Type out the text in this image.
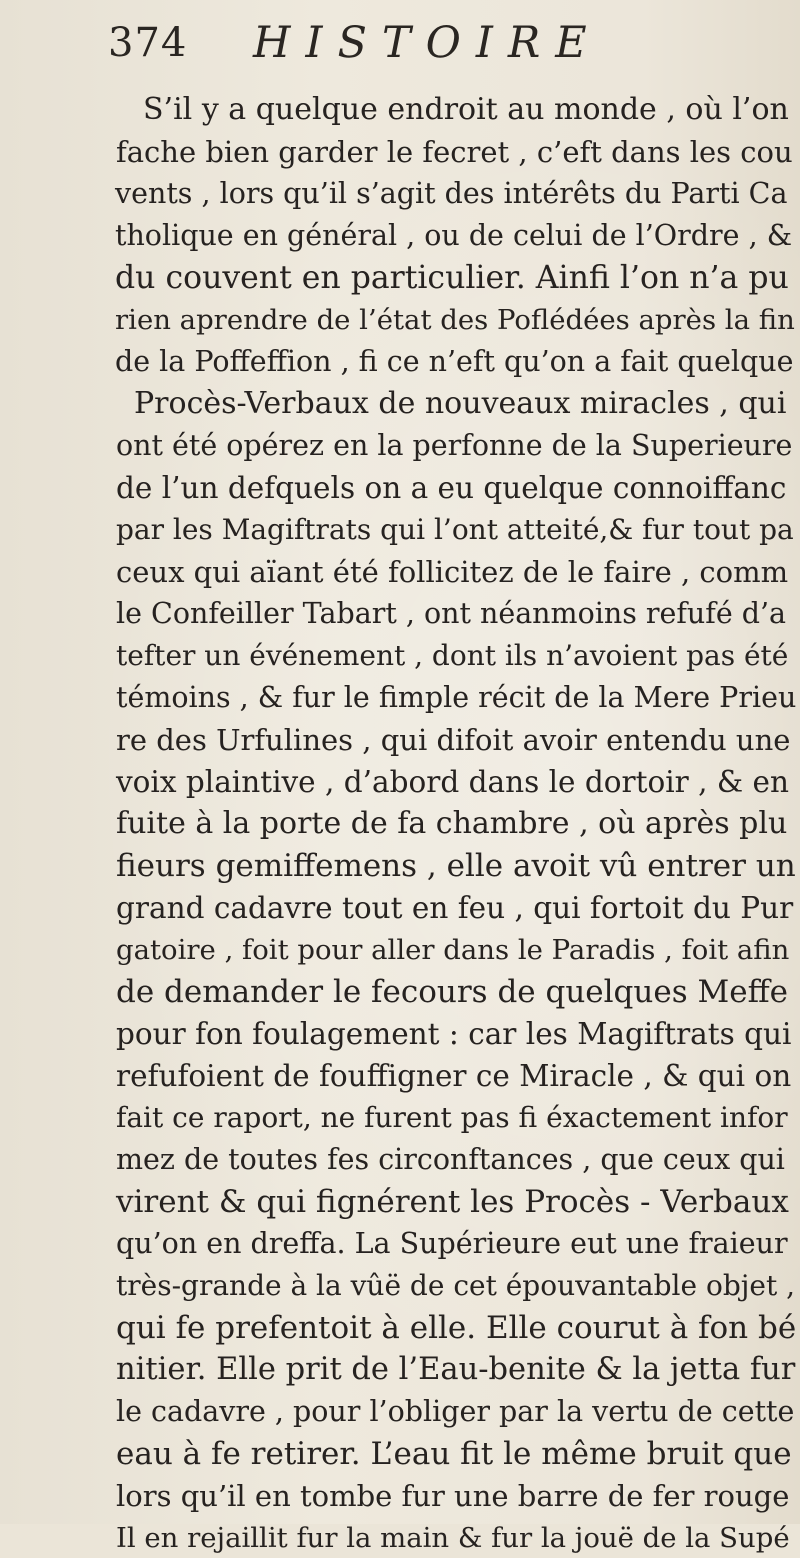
374 HISTOIRE
S’il y a quelque endroit au monde , où l’on
fache bien garder le fecret , c’eft dans les cou
vents , lors qu’il s’agit des intérêts du Parti Ca
tholique en général , ou de celui de l’Ordre , &
du couvent en particulier. Ainfi l’on n’a pu
rien aprendre de l’état des Poflédées après la fin
de la Poffeffion , fi ce n’eft qu’on a fait quelque
Procès-Verbaux de nouveaux miracles , qui
ont été opérez en la perfonne de la Superieure
de l’un defquels on a eu quelque connoiffanc
par les Magiftrats qui l’ont atteité,& fur tout pa
ceux qui aïant été follicitez de le faire , comm
le Confeiller Tabart , ont néanmoins refufé d’a
tefter un événement , dont ils n’avoient pas été
témoins , & fur le fimple récit de la Mere Prieu
re des Urfulines , qui difoit avoir entendu une
voix plaintive , d’abord dans le dortoir , & en
fuite à la porte de fa chambre , où après plu
fieurs gemiffemens , elle avoit vû entrer un
grand cadavre tout en feu , qui fortoit du Pur
gatoire , foit pour aller dans le Paradis , foit afin
de demander le fecours de quelques Meffe
pour fon foulagement : car les Magiftrats qui
refufoient de fouffigner ce Miracle , & qui on
fait ce raport, ne furent pas fi éxactement infor
mez de toutes fes circonftances , que ceux qui
virent & qui fignérent les Procès - Verbaux
qu’on en dreffa. La Supérieure eut une fraieur
très-grande à la vûë de cet épouvantable objet ,
qui fe prefentoit à elle. Elle courut à fon bé
nitier. Elle prit de l’Eau-benite & la jetta fur
le cadavre , pour l’obliger par la vertu de cette
eau à fe retirer. L’eau fit le même bruit que
lors qu’il en tombe fur une barre de fer rouge
Il en rejaillit fur la main & fur la jouë de la Supé
